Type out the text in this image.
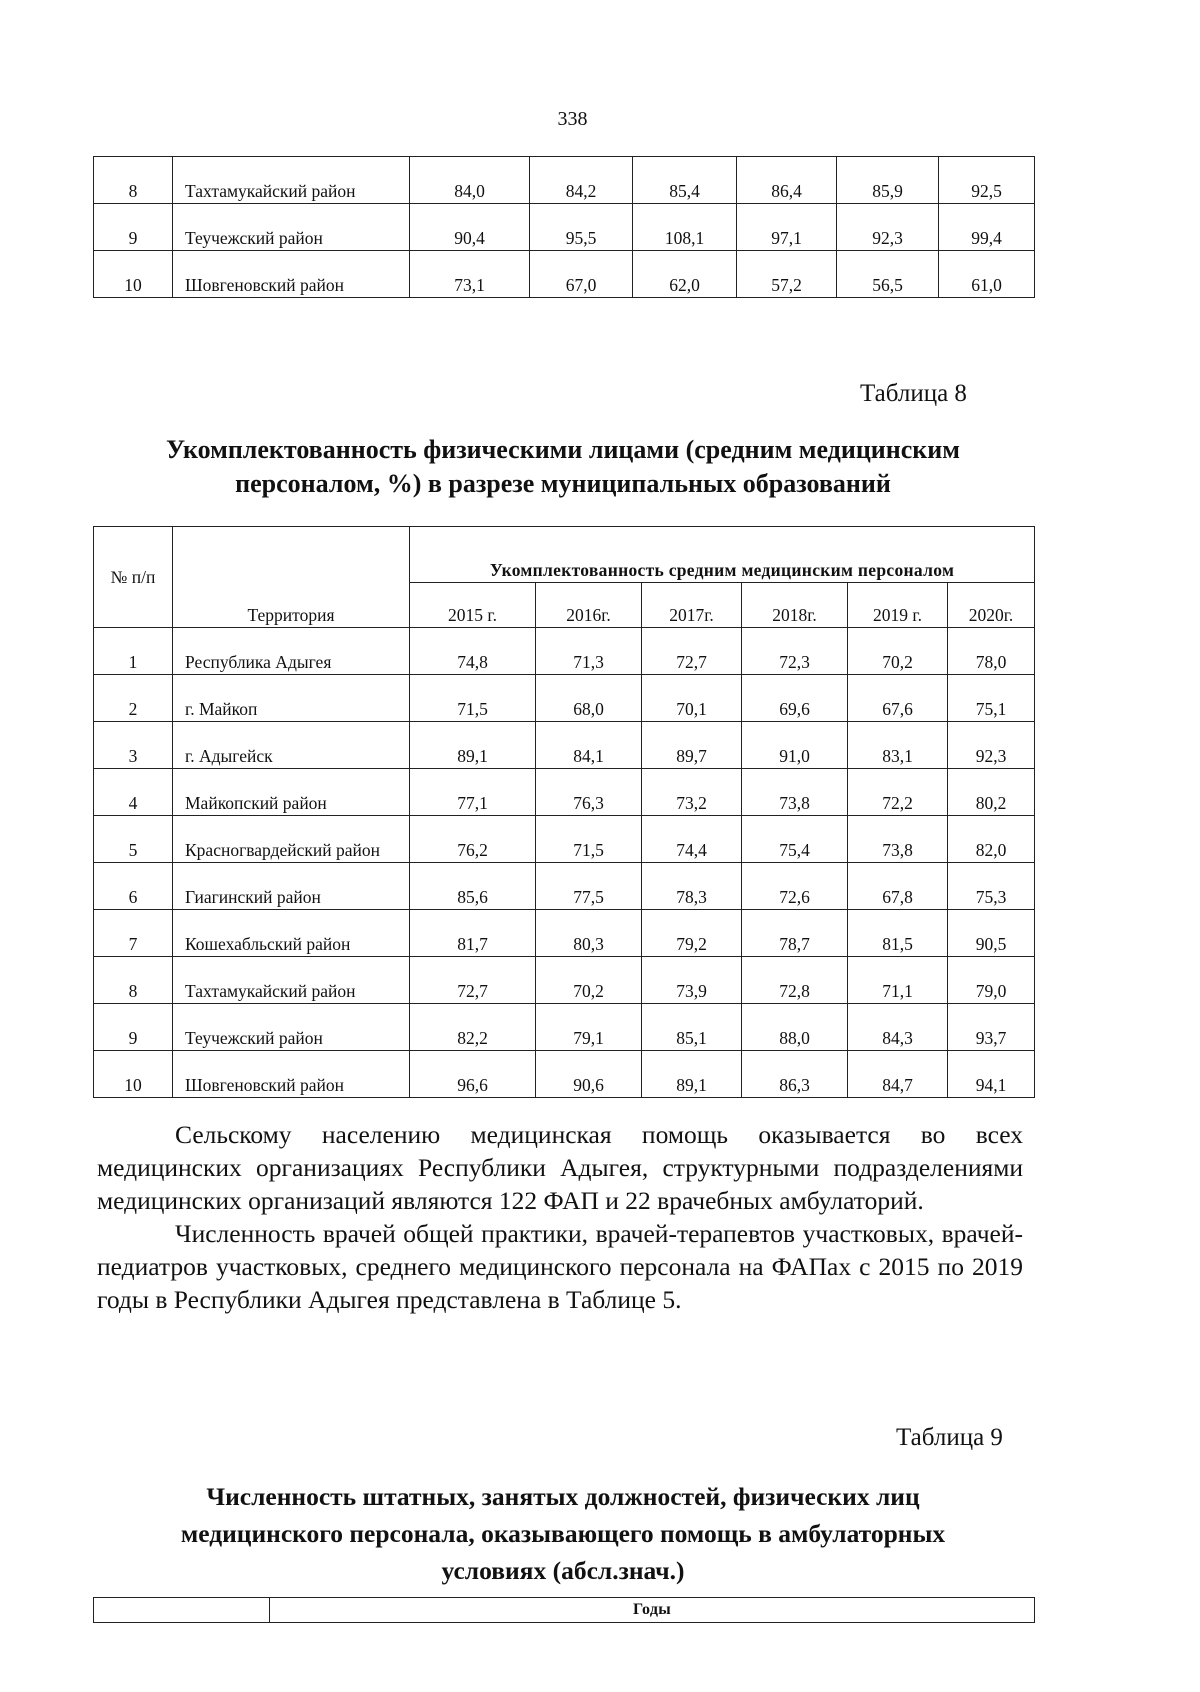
338
8	Тахтамукайский район	84,0	84,2	85,4	86,4	85,9	92,5
9	Теучежский район	90,4	95,5	108,1	97,1	92,3	99,4
10	Шовгеновский район	73,1	67,0	62,0	57,2	56,5	61,0
Таблица 8
Укомплектованность физическими лицами (средним медицинским
персоналом, %) в разрезе муниципальных образований
№ п/п	Территория	Укомплектованность средним медицинским персоналом					
		2015 г.	2016г.	2017г.	2018г.	2019 г.	2020г.
1	Республика Адыгея	74,8	71,3	72,7	72,3	70,2	78,0
2	г. Майкоп	71,5	68,0	70,1	69,6	67,6	75,1
3	г. Адыгейск	89,1	84,1	89,7	91,0	83,1	92,3
4	Майкопский район	77,1	76,3	73,2	73,8	72,2	80,2
5	Красногвардейский район	76,2	71,5	74,4	75,4	73,8	82,0
6	Гиагинский район	85,6	77,5	78,3	72,6	67,8	75,3
7	Кошехабльский район	81,7	80,3	79,2	78,7	81,5	90,5
8	Тахтамукайский район	72,7	70,2	73,9	72,8	71,1	79,0
9	Теучежский район	82,2	79,1	85,1	88,0	84,3	93,7
10	Шовгеновский район	96,6	90,6	89,1	86,3	84,7	94,1

Сельскому населению медицинская помощь оказывается во всех медицинских организациях Республики Адыгея, структурными подразделениями медицинских организаций являются 122 ФАП и 22 врачебных амбулаторий.

Численность врачей общей практики, врачей-терапевтов участковых, врачей-педиатров участковых, среднего медицинского персонала на ФАПах с 2015 по 2019 годы в Республики Адыгея представлена в Таблице 5.

Таблица 9
Численность штатных, занятых должностей, физических лиц
медицинского персонала, оказывающего помощь в амбулаторных
условиях (абсл.знач.)
	Годы
